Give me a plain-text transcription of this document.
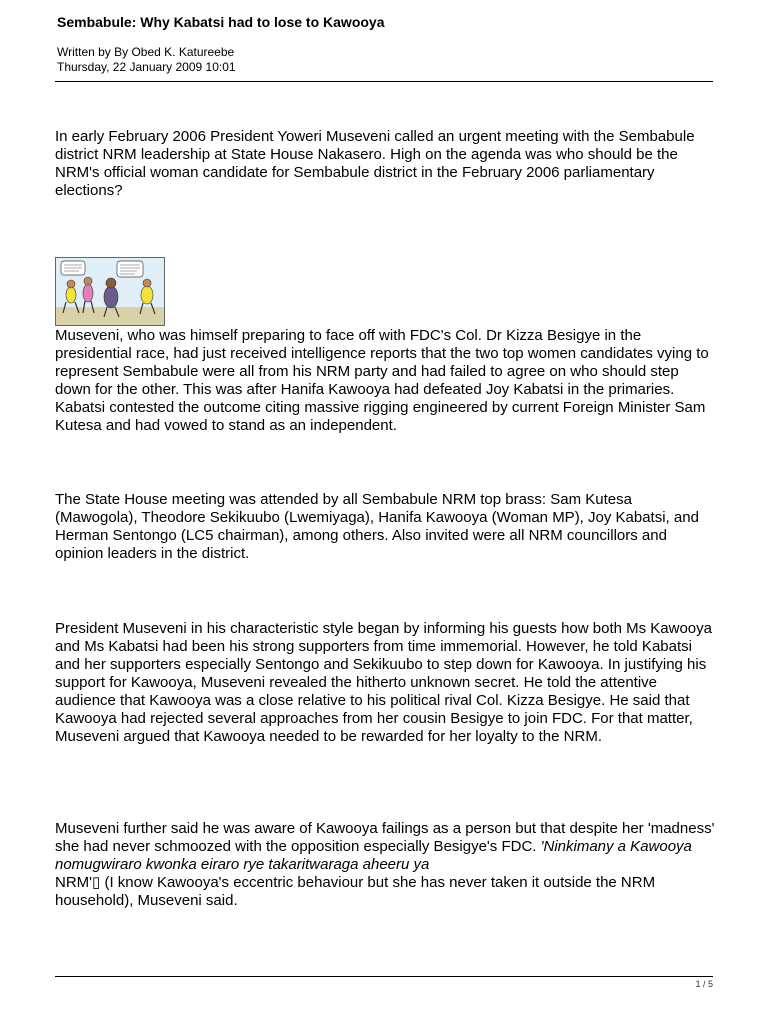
Sembabule: Why Kabatsi had to lose to Kawooya
Written by By Obed K. Katureebe
Thursday, 22 January 2009 10:01

In early February 2006 President Yoweri Museveni called an urgent meeting with the Sembabule district NRM leadership at State House Nakasero. High on the agenda was who should be the NRM's official woman candidate for Sembabule district in the February 2006 parliamentary elections?

Museveni, who was himself preparing to face off with FDC's Col. Dr Kizza Besigye in the presidential race, had just received intelligence reports that the two top women candidates vying to represent Sembabule were all from his NRM party and had failed to agree on who should step down for the other. This was after Hanifa Kawooya had defeated Joy Kabatsi in the primaries. Kabatsi contested the outcome citing massive rigging engineered by current Foreign Minister Sam Kutesa and had vowed to stand as an independent.

The State House meeting was attended by all Sembabule NRM top brass: Sam Kutesa (Mawogola), Theodore Sekikuubo (Lwemiyaga), Hanifa Kawooya (Woman MP), Joy Kabatsi, and Herman Sentongo (LC5 chairman), among others. Also invited were all NRM councillors and opinion leaders in the district.

President Museveni in his characteristic style began by informing his guests how both Ms Kawooya and Ms Kabatsi had been his strong supporters from time immemorial. However, he told Kabatsi and her supporters especially Sentongo and Sekikuubo to step down for Kawooya. In justifying his support for Kawooya, Museveni revealed the hitherto unknown secret. He told the attentive audience that Kawooya was a close relative to his political rival Col. Kizza Besigye. He said that Kawooya had rejected several approaches from her cousin Besigye to join FDC. For that matter, Museveni argued that Kawooya needed to be rewarded for her loyalty to the NRM.

Museveni further said he was aware of Kawooya failings as a person but that despite her 'madness' she had never schmoozed with the opposition especially Besigye's FDC. 'Ninkimany a Kawooya nomugwiraro kwonka eiraro rye takaritwaraga aheeru ya
NRM'▯ (I know Kawooya's eccentric behaviour but she has never taken it outside the NRM household), Museveni said.

1 / 5
